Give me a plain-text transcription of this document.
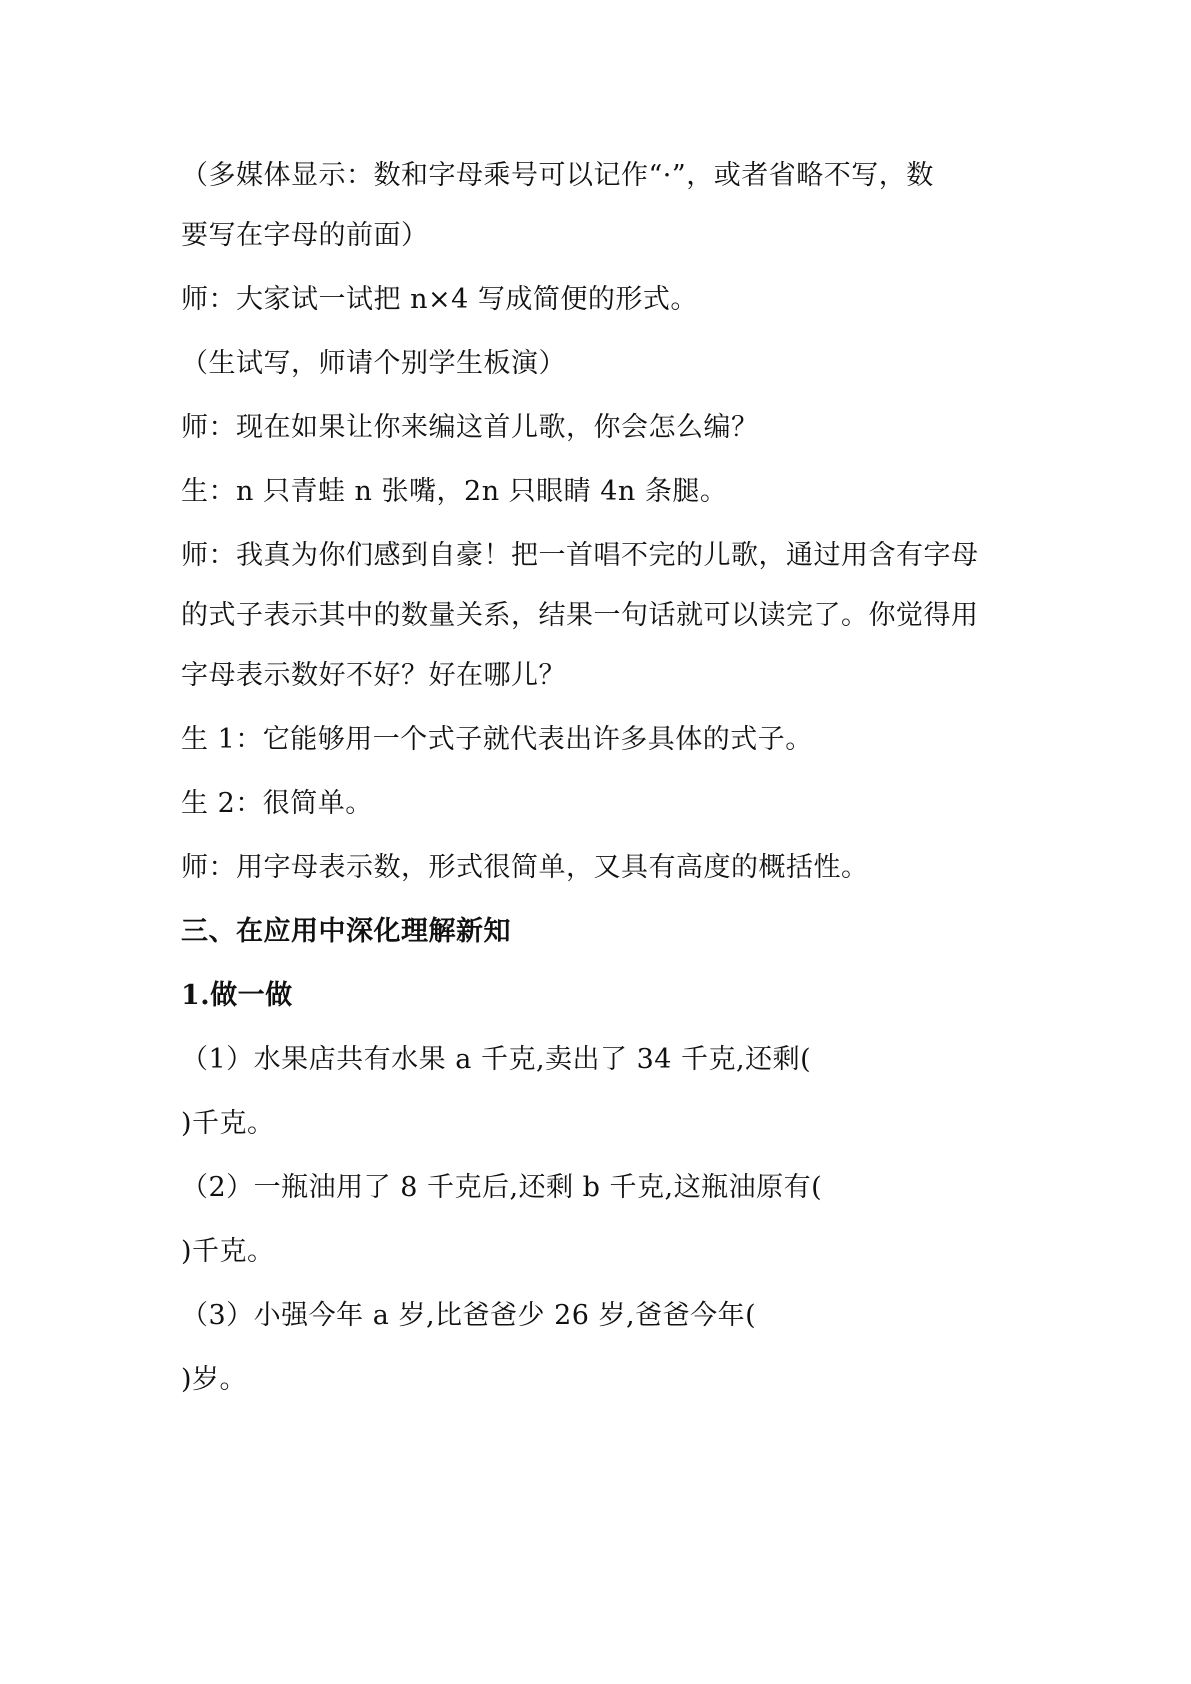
（多媒体显示：数和字母乘号可以记作“·”，或者省略不写，数
要写在字母的前面）
师：大家试一试把 n×4 写成简便的形式。
（生试写，师请个别学生板演）
师：现在如果让你来编这首儿歌，你会怎么编？
生：n 只青蛙 n 张嘴，2n 只眼睛 4n 条腿。
师：我真为你们感到自豪！把一首唱不完的儿歌，通过用含有字母
的式子表示其中的数量关系，结果一句话就可以读完了。你觉得用
字母表示数好不好？好在哪儿？
生 1：它能够用一个式子就代表出许多具体的式子。
生 2：很简单。
师：用字母表示数，形式很简单，又具有高度的概括性。
三、在应用中深化理解新知
1.做一做
（1）水果店共有水果 a 千克,卖出了 34 千克,还剩(
)千克。
（2）一瓶油用了 8 千克后,还剩 b 千克,这瓶油原有(
)千克。
（3）小强今年 a 岁,比爸爸少 26 岁,爸爸今年(
)岁。
